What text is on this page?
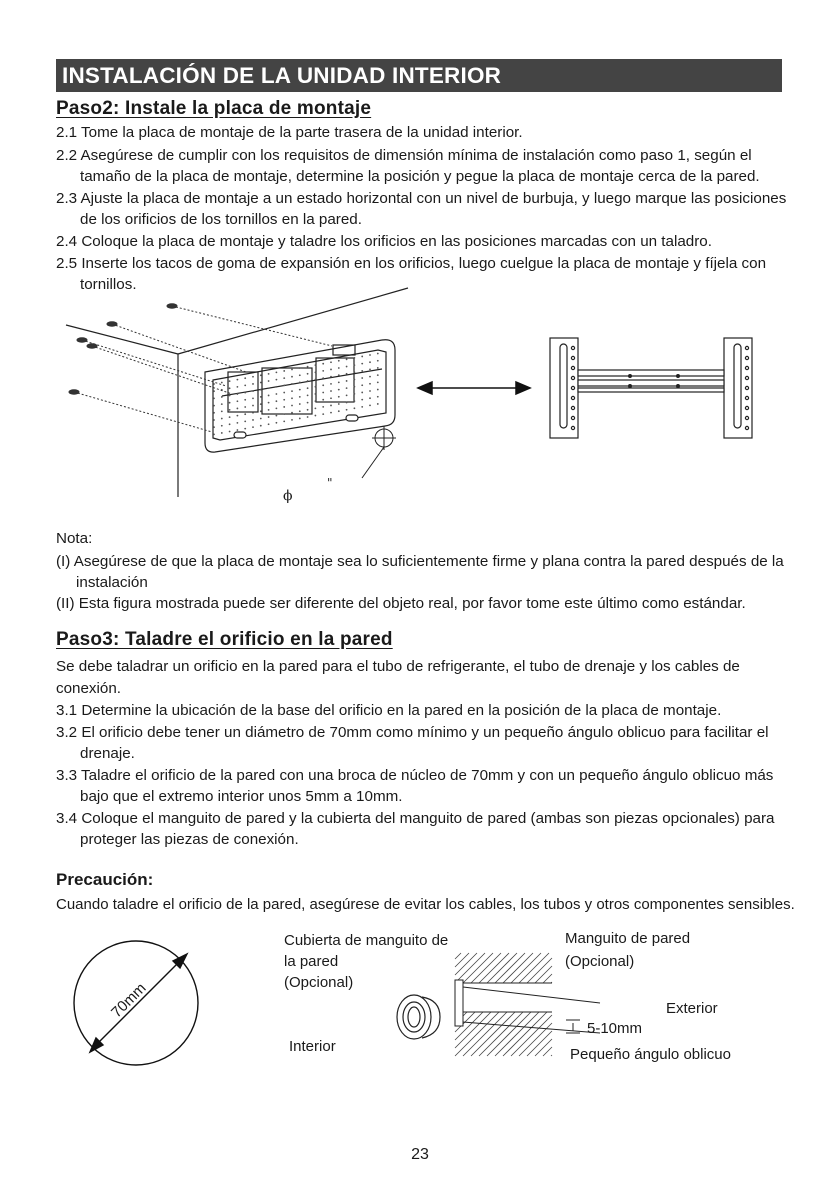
INSTALACIÓN DE LA UNIDAD INTERIOR
Paso2: Instale la placa de montaje
2.1 Tome la placa de montaje de la parte trasera de la unidad interior.
2.2 Asegúrese de cumplir con los requisitos de dimensión mínima de instalación como paso 1, según el
tamaño de la placa de montaje, determine la posición y pegue la placa de montaje cerca de la pared.
2.3 Ajuste la placa de montaje a un estado horizontal con un nivel de burbuja, y luego marque las posiciones
de los orificios de los tornillos en la pared.
2.4 Coloque la placa de montaje y taladre los orificios en las posiciones marcadas con un taladro.
2.5 Inserte los tacos de goma de expansión en los orificios, luego cuelgue la placa de montaje y fíjela con
tornillos.
ϕ
"
Nota:
(I) Asegúrese de que la placa de montaje sea lo suficientemente firme y plana contra la pared después de la
instalación
(II) Esta figura mostrada puede ser diferente del objeto real, por favor tome este último como estándar.
Paso3: Taladre el orificio en la pared
Se debe taladrar un orificio en la pared para el tubo de refrigerante, el tubo de drenaje y los cables de
conexión.
3.1 Determine la ubicación de la base del orificio en la pared en la posición de la placa de montaje.
3.2 El orificio debe tener un diámetro de 70mm como mínimo y un pequeño ángulo oblicuo para facilitar el
drenaje.
3.3 Taladre el orificio de la pared con una broca de núcleo de 70mm y con un pequeño ángulo oblicuo más
bajo que el extremo interior unos 5mm a 10mm.
3.4 Coloque el manguito de pared y la cubierta del manguito de pared (ambas son piezas opcionales) para
proteger las piezas de conexión.
Precaución:
Cuando taladre el orificio de la pared, asegúrese de evitar los cables, los tubos y otros componentes sensibles.
70mm
Cubierta de manguito de
la pared
(Opcional)
Manguito de pared
(Opcional)
Exterior
Interior
5-10mm
Pequeño ángulo oblicuo
23
